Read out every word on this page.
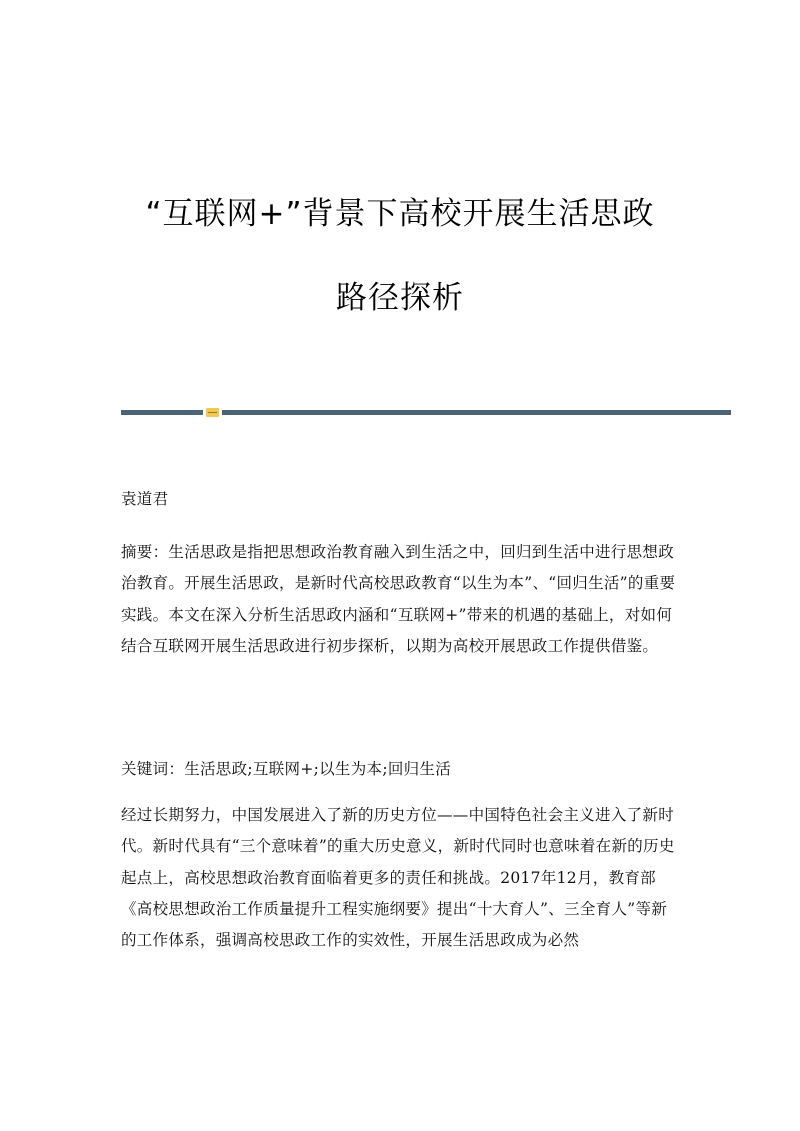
“互联网+”背景下高校开展生活思政
路径探析
袁道君
摘要：生活思政是指把思想政治教育融入到生活之中，回归到生活中进行思想政治教育。开展生活思政，是新时代高校思政教育“以生为本”、“回归生活”的重要实践。本文在深入分析生活思政内涵和“互联网+”带来的机遇的基础上，对如何结合互联网开展生活思政进行初步探析，以期为高校开展思政工作提供借鉴。
关键词：生活思政;互联网+;以生为本;回归生活
经过长期努力，中国发展进入了新的历史方位——中国特色社会主义进入了新时代。新时代具有“三个意味着”的重大历史意义，新时代同时也意味着在新的历史起点上，高校思想政治教育面临着更多的责任和挑战。2017年12月，教育部《高校思想政治工作质量提升工程实施纲要》提出“十大育人”、三全育人”等新的工作体系，强调高校思政工作的实效性，开展生活思政成为必然
